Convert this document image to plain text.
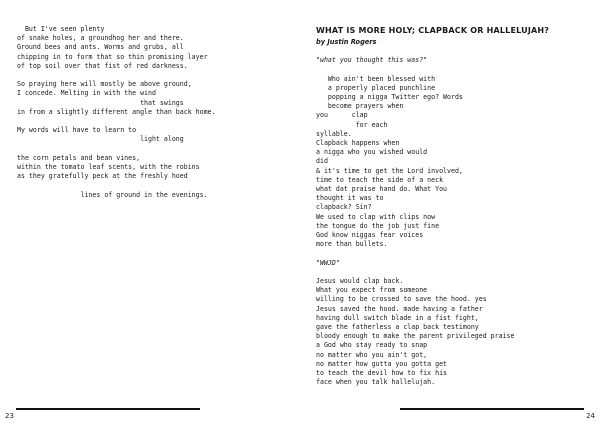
But I've seen plenty
of snake holes, a groundhog her and there.
Ground bees and ants. Worms and grubs, all
chipping in to form that so thin promising layer
of top soil over that fist of red darkness.
So praying here will mostly be above ground,
I concede. Melting in with the wind
that swings
in from a slightly different angle than back home.
My words will have to learn to
light along
the corn petals and bean vines,
within the tomato leaf scents, with the robins
as they gratefully peck at the freshly hoed
lines of ground in the evenings.
23
WHAT IS MORE HOLY; CLAPBACK OR HALLELUJAH?
by Justin Rogers
"what you thought this was?"
Who ain't been blessed with
a properly placed punchline
popping a nigga Twitter ego? Words
become prayers when
you      clap
for each
syllable.
Clapback happens when
a nigga who you wished would
did
& it's time to get the Lord involved,
time to teach the side of a neck
what dat praise hand do. What You
thought it was to
clapback? Sin?
We used to clap with clips now
the tongue do the job just fine
God know niggas fear voices
more than bullets.
"WWJD"
Jesus would clap back.
What you expect from someone
willing to be crossed to save the hood. yes
Jesus saved the hood. made having a father
having dull switch blade in a fist fight,
gave the fatherless a clap back testimony
bloody enough to make the parent privileged praise
a God who stay ready to snap
no matter who you ain't got,
no matter how gutta you gotta get
to teach the devil how to fix his
face when you talk hallelujah.
24
